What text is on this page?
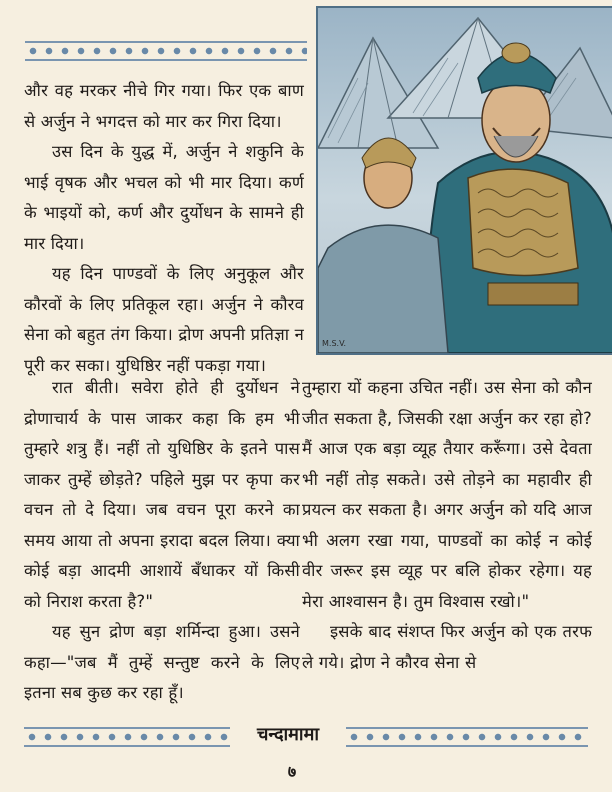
M.S.V.

और वह मरकर नीचे गिर गया। फिर एक बाण से अर्जुन ने भगदत्त को मार कर गिरा दिया।

उस दिन के युद्ध में, अर्जुन ने शकुनि के भाई वृषक और भचल को भी मार दिया। कर्ण के भाइयों को, कर्ण और दुर्योधन के सामने ही मार दिया।

यह दिन पाण्डवों के लिए अनुकूल और कौरवों के लिए प्रतिकूल रहा। अर्जुन ने कौरव सेना को बहुत तंग किया। द्रोण अपनी प्रतिज्ञा न पूरी कर सका। युधिष्ठिर नहीं पकड़ा गया।

रात बीती। सवेरा होते ही दुर्योधन ने द्रोणाचार्य के पास जाकर कहा कि हम भी तुम्हारे शत्रु हैं। नहीं तो युधिष्ठिर के इतने पास जाकर तुम्हें छोड़ते? पहिले मुझ पर कृपा कर वचन तो दे दिया। जब वचन पूरा करने का समय आया तो अपना इरादा बदल लिया। क्या कोई बड़ा आदमी आशायें बँधाकर यों किसी को निराश करता है?"

यह सुन द्रोण बड़ा शर्मिन्दा हुआ। उसने कहा—"जब मैं तुम्हें सन्तुष्ट करने के लिए इतना सब कुछ कर रहा हूँ।

तुम्हारा यों कहना उचित नहीं। उस सेना को कौन जीत सकता है, जिसकी रक्षा अर्जुन कर रहा हो? मैं आज एक बड़ा व्यूह तैयार करूँगा। उसे देवता भी नहीं तोड़ सकते। उसे तोड़ने का महावीर ही प्रयत्न कर सकता है। अगर अर्जुन को यदि आज भी अलग रखा गया, पाण्डवों का कोई न कोई वीर जरूर इस व्यूह पर बलि होकर रहेगा। यह मेरा आश्वासन है। तुम विश्वास रखो।"

इसके बाद संशप्त फिर अर्जुन को एक तरफ ले गये। द्रोण ने कौरव सेना से

चन्दामामा
७
